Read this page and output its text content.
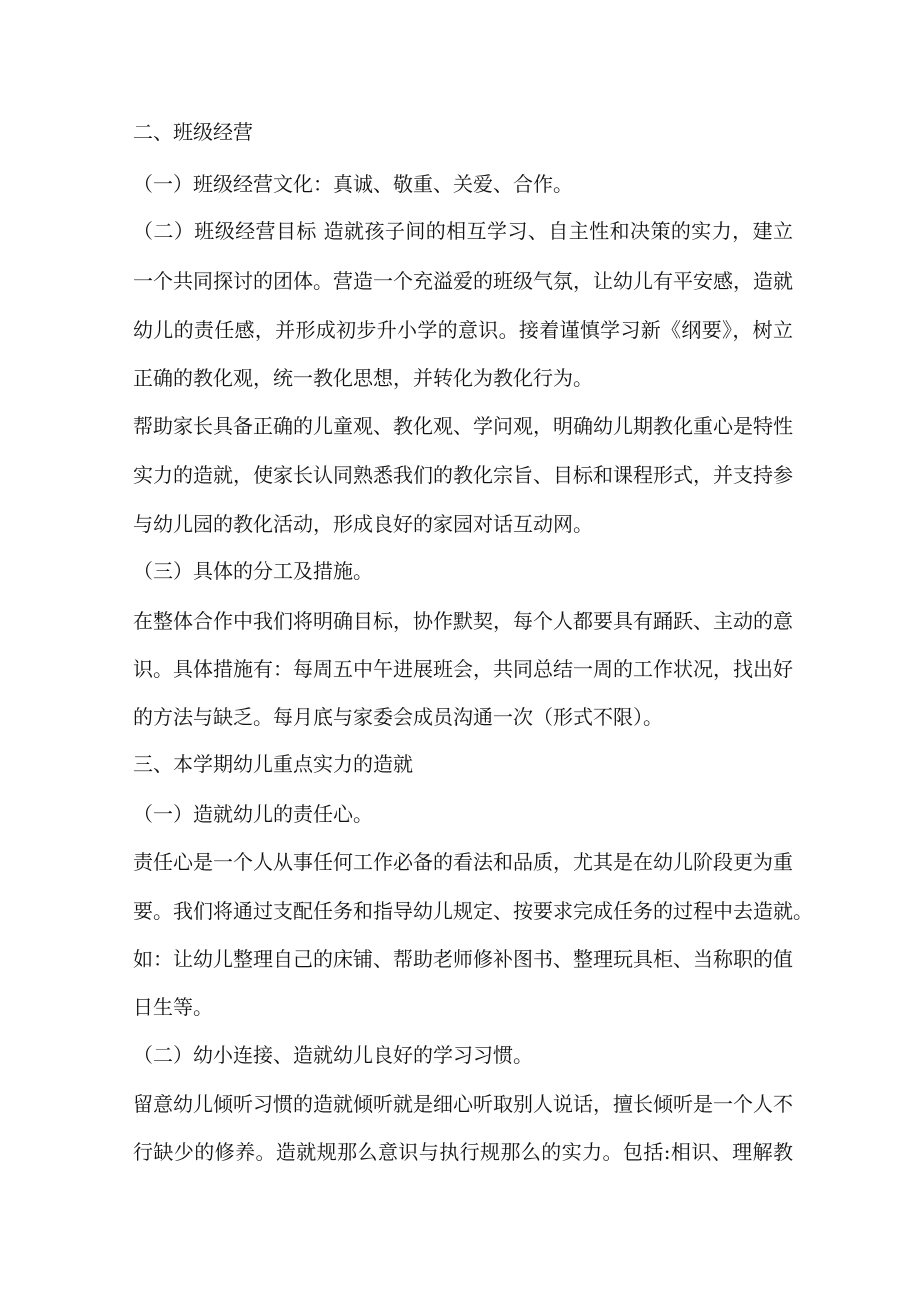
二、班级经营
（一）班级经营文化：真诚、敬重、关爱、合作。
（二）班级经营目标 造就孩子间的相互学习、自主性和决策的实力，建立
一个共同探讨的团体。营造一个充溢爱的班级气氛，让幼儿有平安感，造就
幼儿的责任感，并形成初步升小学的意识。接着谨慎学习新《纲要》，树立
正确的教化观，统一教化思想，并转化为教化行为。
帮助家长具备正确的儿童观、教化观、学问观，明确幼儿期教化重心是特性
实力的造就，使家长认同熟悉我们的教化宗旨、目标和课程形式，并支持参
与幼儿园的教化活动，形成良好的家园对话互动网。
（三）具体的分工及措施。
在整体合作中我们将明确目标，协作默契，每个人都要具有踊跃、主动的意
识。具体措施有：每周五中午进展班会，共同总结一周的工作状况，找出好
的方法与缺乏。每月底与家委会成员沟通一次（形式不限）。
三、本学期幼儿重点实力的造就
（一）造就幼儿的责任心。
责任心是一个人从事任何工作必备的看法和品质，尤其是在幼儿阶段更为重
要。我们将通过支配任务和指导幼儿规定、按要求完成任务的过程中去造就。
如：让幼儿整理自己的床铺、帮助老师修补图书、整理玩具柜、当称职的值
日生等。
（二）幼小连接、造就幼儿良好的学习习惯。
留意幼儿倾听习惯的造就倾听就是细心听取别人说话，擅长倾听是一个人不
行缺少的修养。造就规那么意识与执行规那么的实力。包括:相识、理解教
